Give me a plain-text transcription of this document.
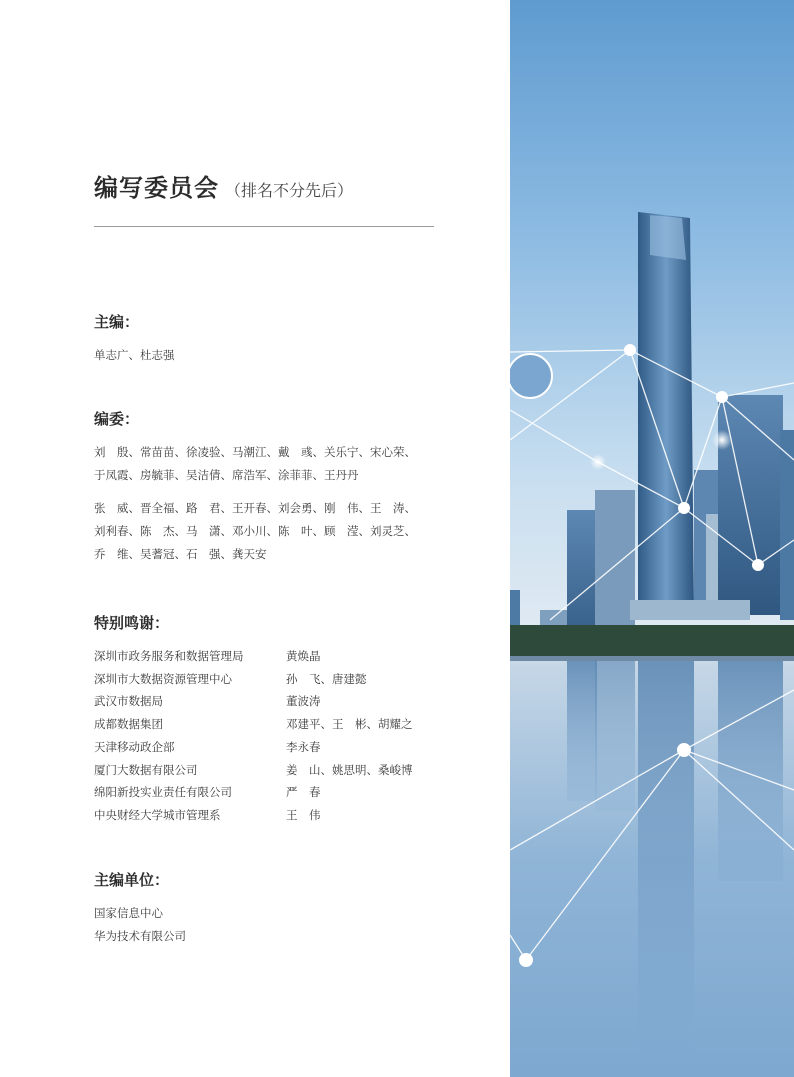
编写委员会 （排名不分先后）
主编：
单志广、杜志强
编委：
刘　殷、常苗苗、徐凌验、马潮江、戴　彧、关乐宁、宋心荣、
于凤霞、房毓菲、吴洁倩、席浩军、涂菲菲、王丹丹
张　威、晋全福、路　君、王开春、刘会勇、刚　伟、王　涛、
刘利春、陈　杰、马　潇、邓小川、陈　叶、顾　滢、刘灵芝、
乔　维、吴蓍冠、石　强、龚天安
特别鸣谢：
深圳市政务服务和数据管理局	黄焕晶
深圳市大数据资源管理中心	孙　飞、唐建懿
武汉市数据局	董波涛
成都数据集团	邓建平、王　彬、胡耀之
天津移动政企部	李永春
厦门大数据有限公司	姜　山、姚思明、桑峻博
绵阳新投实业责任有限公司	严　春
中央财经大学城市管理系	王　伟
主编单位：
国家信息中心
华为技术有限公司
